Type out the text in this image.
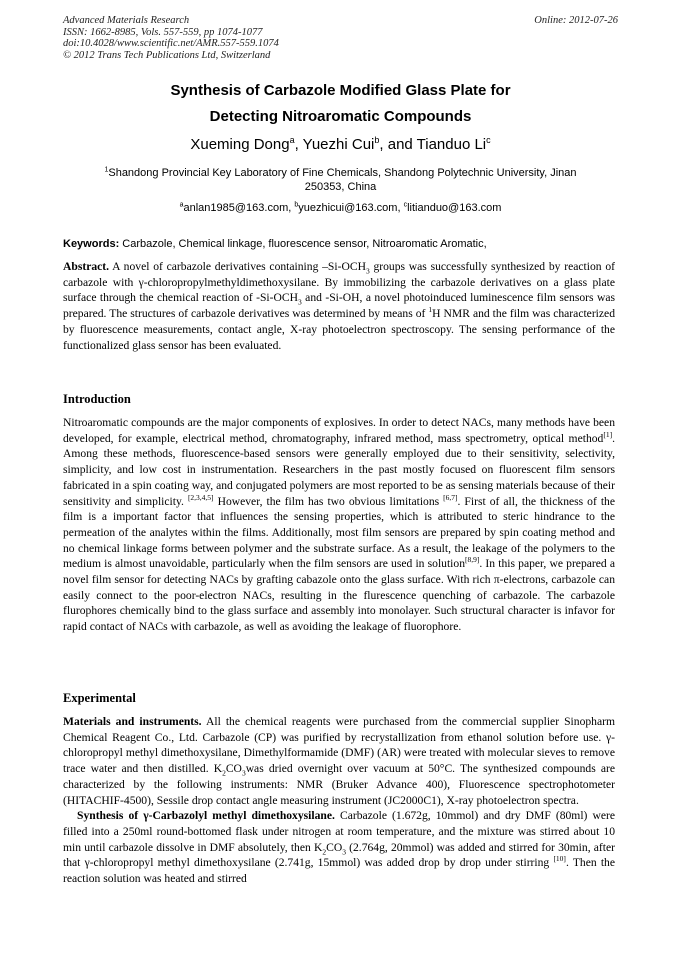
Advanced Materials Research
ISSN: 1662-8985, Vols. 557-559, pp 1074-1077
doi:10.4028/www.scientific.net/AMR.557-559.1074
© 2012 Trans Tech Publications Ltd, Switzerland
Online: 2012-07-26
Synthesis of Carbazole Modified Glass Plate for
Detecting Nitroaromatic Compounds
Xueming Dong$^a$, Yuezhi Cui$^b$, and Tianduo Li$^c$
$^1$Shandong Provincial Key Laboratory of Fine Chemicals, Shandong Polytechnic University, Jinan
250353, China
$^a$anlan1985@163.com, $^b$yuezhicui@163.com, $^c$litianduo@163.com
Keywords: Carbazole, Chemical linkage, fluorescence sensor, Nitroaromatic Aromatic,
Abstract. A novel of carbazole derivatives containing $-Si-OCH_3$ groups was successfully synthesized by reaction of carbazole with γ-chloropropylmethyldimethoxysilane. By immobilizing the carbazole derivatives on a glass plate surface through the chemical reaction of $-Si-OCH_3$ and -Si-OH, a novel photoinduced luminescence film sensors was prepared. The structures of carbazole derivatives was determined by means of $^1$H NMR and the film was characterized by fluorescence measurements, contact angle, X-ray photoelectron spectroscopy. The sensing performance of the functionalized glass sensor has been evaluated.
Introduction
Nitroaromatic compounds are the major components of explosives. In order to detect NACs, many methods have been developed, for example, electrical method, chromatography, infrared method, mass spectrometry, optical method[1]. Among these methods, fluorescence-based sensors were generally employed due to their sensitivity, selectivity, simplicity, and low cost in instrumentation. Researchers in the past mostly focused on fluorescent film sensors fabricated in a spin coating way, and conjugated polymers are most reported to be as sensing materials because of their sensitivity and simplicity. [2,3,4,5] However, the film has two obvious limitations [6,7]. First of all, the thickness of the film is a important factor that influences the sensing properties, which is attributed to steric hindrance to the permeation of the analytes within the films. Additionally, most film sensors are prepared by spin coating method and no chemical linkage forms between polymer and the substrate surface. As a result, the leakage of the polymers to the medium is almost unavoidable, particularly when the film sensors are used in solution[8,9]. In this paper, we prepared a novel film sensor for detecting NACs by grafting cabazole onto the glass surface. With rich π-electrons, carbazole can easily connect to the poor-electron NACs, resulting in the flurescence quenching of carbazole. The carbazole flurophores chemically bind to the glass surface and assembly into monolayer. Such structural character is infavor for rapid contact of NACs with carbazole, as well as avoiding the leakage of fluorophore.
Experimental
Materials and instruments. All the chemical reagents were purchased from the commercial supplier Sinopharm Chemical Reagent Co., Ltd. Carbazole (CP) was purified by recrystallization from ethanol solution before use. γ-chloropropyl methyl dimethoxysilane, Dimethylformamide (DMF) (AR) were treated with molecular sieves to remove trace water and then distilled. $K_2CO_3was$ dried overnight over vacuum at 50°C. The synthesized compounds are characterized by the following instruments: NMR (Bruker Advance 400), Fluorescence spectrophotometer (HITACHIF-4500), Sessile drop contact angle measuring instrument (JC2000C1), X-ray photoelectron spectra.
Synthesis of γ-Carbazolyl methyl dimethoxysilane. Carbazole (1.672g, 10mmol) and dry DMF (80ml) were filled into a 250ml round-bottomed flask under nitrogen at room temperature, and the mixture was stirred about 10 min until carbazole dissolve in DMF absolutely, then $K_2CO_3$ (2.764g, 20mmol) was added and stirred for 30min, after that γ-chloropropyl methyl dimethoxysilane (2.741g, 15mmol) was added drop by drop under stirring [10]. Then the reaction solution was heated and stirred
